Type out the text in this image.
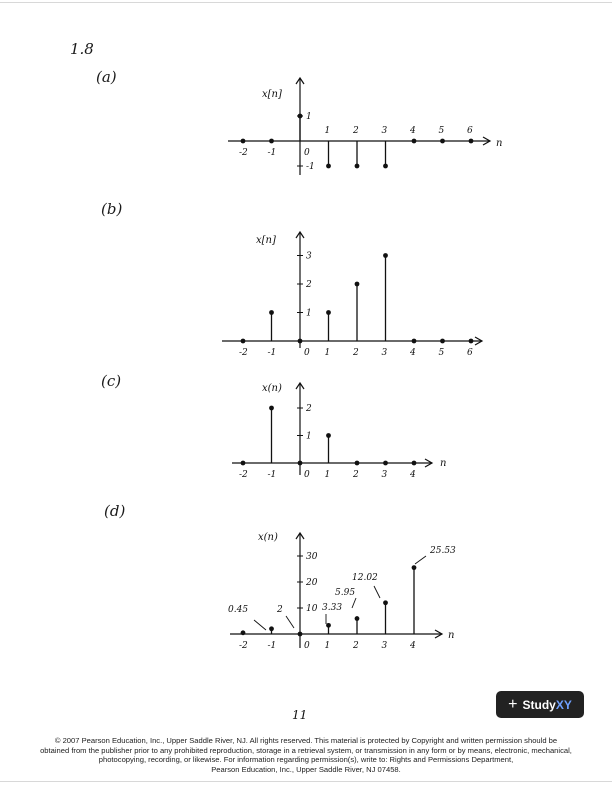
1.8
(a)
(b)
(c)
(d)
x[n]
n
1
-1
-2 -1	0
1	2	3	4	5	6
x[n]
3
2
1
-2 -1	0 1	2	3	4	5	6
x(n)
n
2
1
-2 -1	0 1	2	3	4
x(n)
n
30
20
10
-2 -1	0 1	2	3	4
0.45	2	3.33
5.95
12.02
25.53
11
+ StudyXY
© 2007 Pearson Education, Inc., Upper Saddle River, NJ. All rights reserved. This material is protected by Copyright and written permission should be
obtained from the publisher prior to any prohibited reproduction, storage in a retrieval system, or transmission in any form or by means, electronic, mechanical,
photocopying, recording, or likewise. For information regarding permission(s), write to: Rights and Permissions Department,
Pearson Education, Inc., Upper Saddle River, NJ 07458.
